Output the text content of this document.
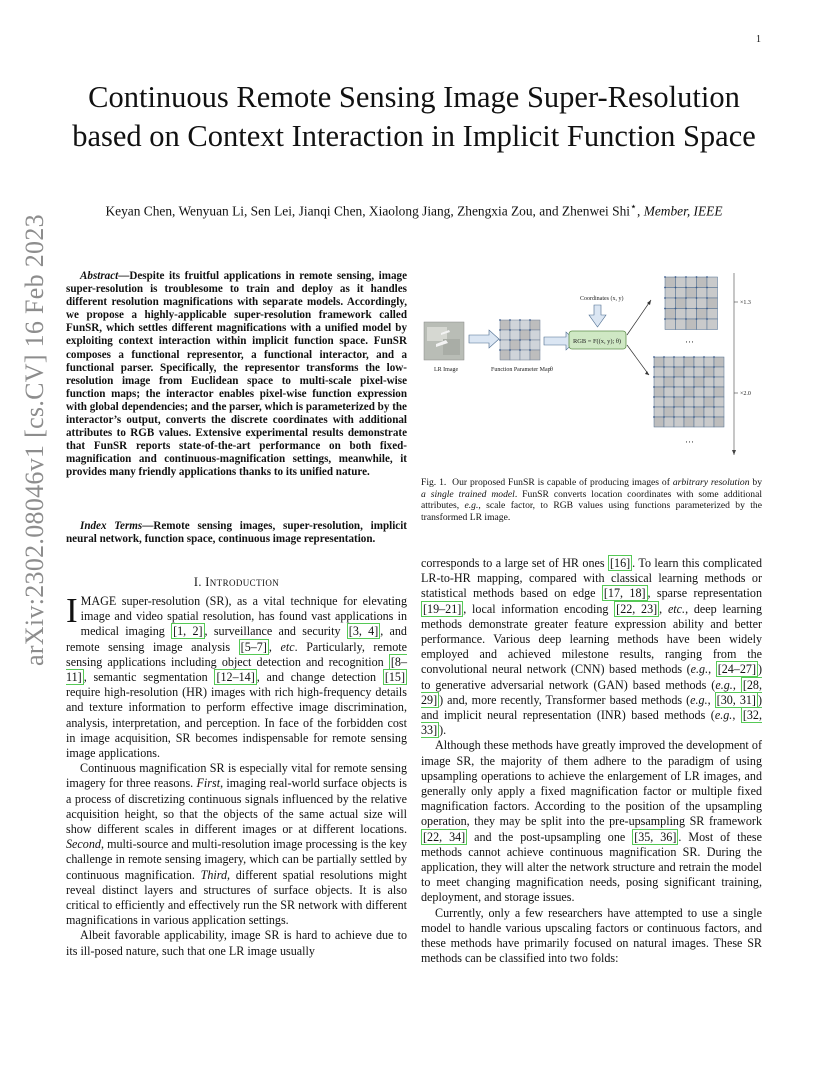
1
Continuous Remote Sensing Image Super-Resolution based on Context Interaction in Implicit Function Space
Keyan Chen, Wenyuan Li, Sen Lei, Jianqi Chen, Xiaolong Jiang, Zhengxia Zou, and Zhenwei Shi⋆, Member, IEEE
arXiv:2302.08046v1 [cs.CV] 16 Feb 2023	Abstract—Despite its fruitful applications in remote sensing, image super-resolution is troublesome to train and deploy as it handles different resolution magnifications with separate models. Accordingly, we propose a highly-applicable super-resolution framework called FunSR, which settles different magnifications with a unified model by exploiting context interaction within implicit function space. FunSR composes a functional representor, a functional interactor, and a functional parser. Specifically, the representor transforms the low-resolution image from Euclidean space to multi-scale pixel-wise function maps; the interactor enables pixel-wise function expression with global dependencies; and the parser, which is parameterized by the interactor’s output, converts the discrete coordinates with additional attributes to RGB values. Extensive experimental results demonstrate that FunSR reports state-of-the-art performance on both fixed-magnification and continuous-magnification settings, meanwhile, it provides many friendly applications thanks to its unified nature.
Index Terms—Remote sensing images, super-resolution, implicit neural network, function space, continuous image representation.
I. Introduction

IMAGE super-resolution (SR), as a vital technique for elevating image and video spatial resolution, has found vast applications in medical imaging [1, 2] , surveillance and security [3, 4] , and remote sensing image analysis [5–7] , etc. Particularly, remote sensing applications including object detection and recognition [8–11] , semantic segmentation [12–14] , and change detection [15] require high-resolution (HR) images with rich high-frequency details and texture information to perform effective image discrimination, analysis, interpretation, and perception. In face of the forbidden cost in image acquisition, SR becomes indispensable for remote sensing image applications.

Continuous magnification SR is especially vital for remote sensing imagery for three reasons. First, imaging real-world surface objects is a process of discretizing continuous signals influenced by the relative acquisition height, so that the objects of the same actual size will show different scales in different images or at different locations. Second, multi-source and multi-resolution image processing is the key challenge in remote sensing imagery, which can be partially settled by continuous magnification. Third, different spatial resolutions might reveal distinct layers and structures of surface objects. It is also critical to efficiently and effectively run the SR network with different magnifications in various application settings.

Albeit favorable applicability, image SR is hard to achieve due to its ill-posed nature, such that one LR image usually

LR Image	Function Parameter Map θ
Coordinates (x, y)
RGB = F((x, y); θ)	···
···
×1.3
×2.0
Fig. 1. Our proposed FunSR is capable of producing images of arbitrary resolution by a single trained model. FunSR converts location coordinates with some additional attributes, e.g., scale factor, to RGB values using functions parameterized by the transformed LR image.

corresponds to a large set of HR ones [16] . To learn this complicated LR-to-HR mapping, compared with classical learning methods or statistical methods based on edge [17, 18] , sparse representation [19–21] , local information encoding [22, 23] , etc., deep learning methods demonstrate greater feature expression ability and better performance. Various deep learning methods have been widely employed and achieved milestone results, ranging from the convolutional neural network (CNN) based methods (e.g., [24–27] ) to generative adversarial network (GAN) based methods (e.g., [28, 29] ) and, more recently, Transformer based methods (e.g., [30, 31] ) and implicit neural representation (INR) based methods (e.g., [32, 33] ).

Although these methods have greatly improved the development of image SR, the majority of them adhere to the paradigm of using upsampling operations to achieve the enlargement of LR images, and generally only apply a fixed magnification factor or multiple fixed magnification factors. According to the position of the upsampling operation, they may be split into the pre-upsampling SR framework [22, 34] and the post-upsampling one [35, 36] . Most of these methods cannot achieve continuous magnification SR. During the application, they will alter the network structure and retrain the model to meet changing magnification needs, posing significant training, deployment, and storage issues.

Currently, only a few researchers have attempted to use a single model to handle various upscaling factors or continuous factors, and these methods have primarily focused on natural images. These SR methods can be classified into two folds:
